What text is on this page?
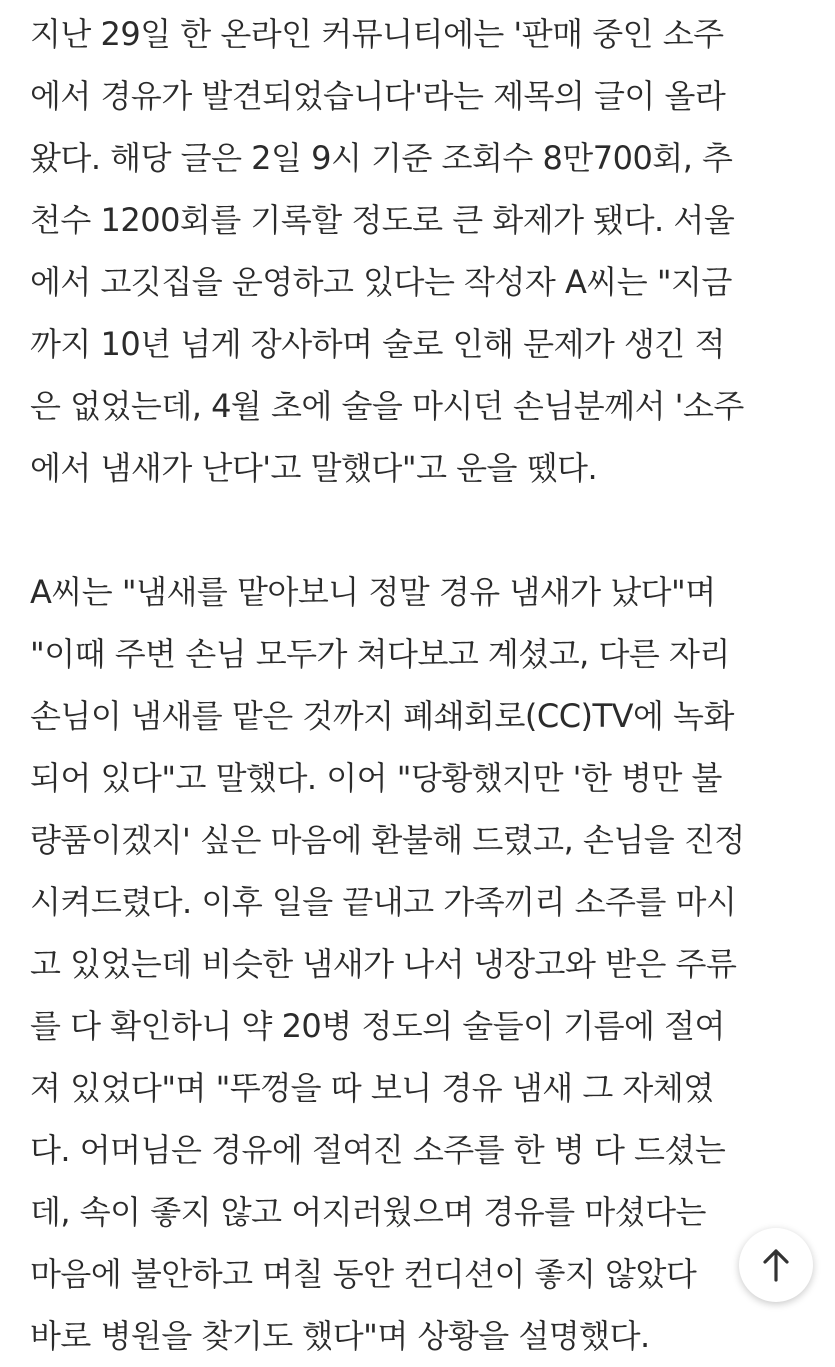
지난 29일 한 온라인 커뮤니티에는 '판매 중인 소주
에서 경유가 발견되었습니다'라는 제목의 글이 올라
왔다. 해당 글은 2일 9시 기준 조회수 8만700회, 추
천수 1200회를 기록할 정도로 큰 화제가 됐다. 서울
에서 고깃집을 운영하고 있다는 작성자 A씨는 "지금
까지 10년 넘게 장사하며 술로 인해 문제가 생긴 적
은 없었는데, 4월 초에 술을 마시던 손님분께서 '소주
에서 냄새가 난다'고 말했다"고 운을 뗐다.
A씨는 "냄새를 맡아보니 정말 경유 냄새가 났다"며
"이때 주변 손님 모두가 쳐다보고 계셨고, 다른 자리
손님이 냄새를 맡은 것까지 폐쇄회로(CC)TV에 녹화
되어 있다"고 말했다. 이어 "당황했지만 '한 병만 불
량품이겠지' 싶은 마음에 환불해 드렸고, 손님을 진정
시켜드렸다. 이후 일을 끝내고 가족끼리 소주를 마시
고 있었는데 비슷한 냄새가 나서 냉장고와 받은 주류
를 다 확인하니 약 20병 정도의 술들이 기름에 절여
져 있었다"며 "뚜껑을 따 보니 경유 냄새 그 자체였
다. 어머님은 경유에 절여진 소주를 한 병 다 드셨는
데, 속이 좋지 않고 어지러웠으며 경유를 마셨다는
마음에 불안하고 며칠 동안 컨디션이 좋지 않았다
바로 병원을 찾기도 했다"며 상황을 설명했다.
